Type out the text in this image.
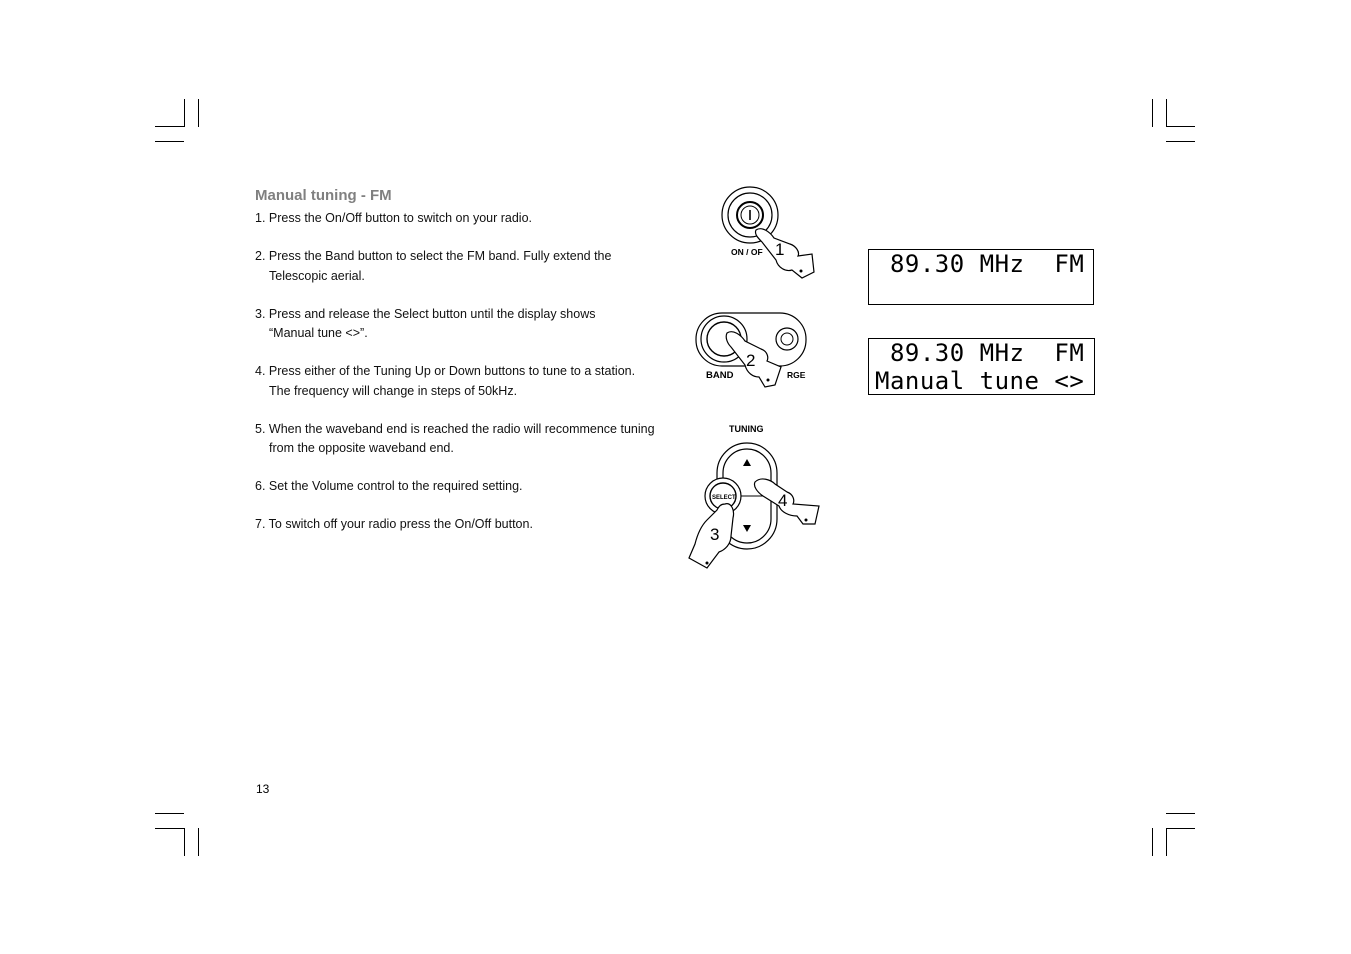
Manual tuning - FM
1. Press the On/Off button to switch on your radio.
2. Press the Band button to select the FM band. Fully extend the
Telescopic aerial.
3. Press and release the Select button until the display shows
“Manual tune <>”.
4. Press either of the Tuning Up or Down buttons to tune to a station.
The frequency will change in steps of 50kHz.
5. When the waveband end is reached the radio will recommence tuning
from the opposite waveband end.
6. Set the Volume control to the required setting.
7. To switch off your radio press the On/Off button.
ON / OF 1
BAND	RGE
2
TUNING
SELECT 4
3
89.30 MHz  FM
89.30 MHz  FM
Manual tune <>
13
